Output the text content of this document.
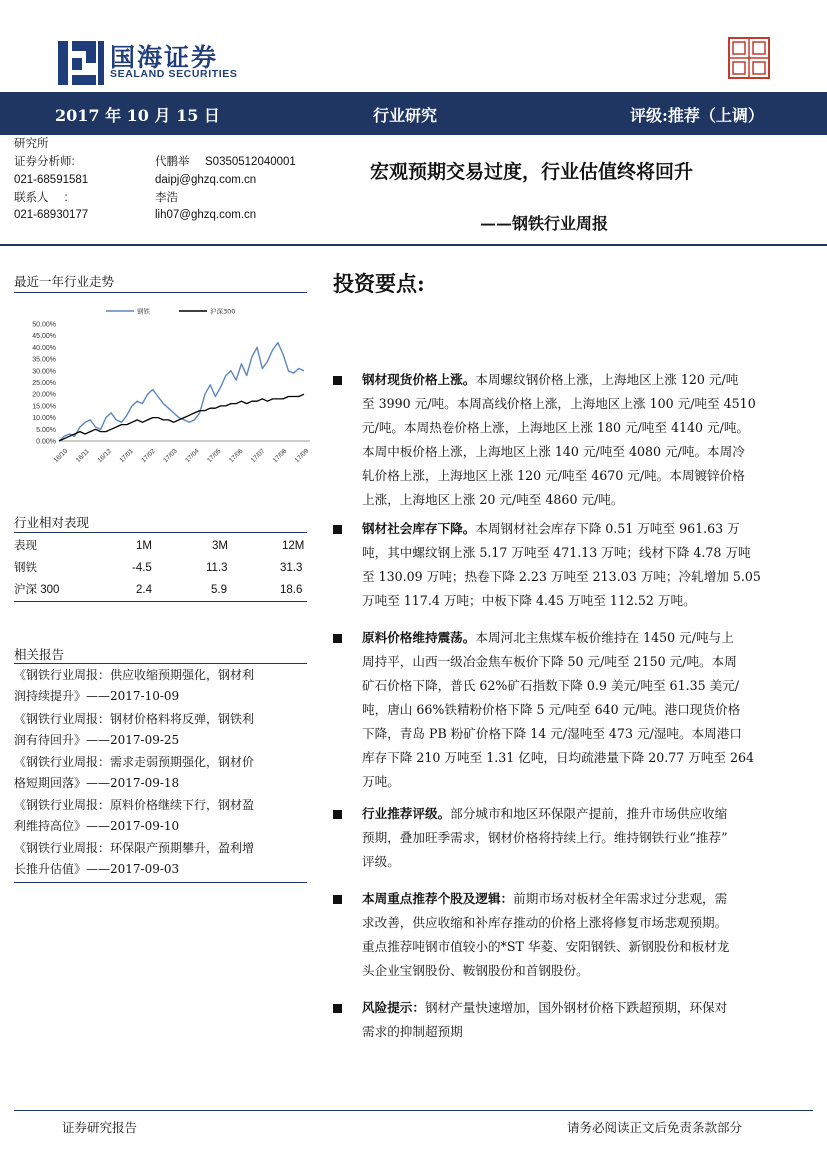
国海证券
SEALAND SECURITIES
2017 年 10 月 15 日	行业研究	评级:推荐（上调）
研究所
证券分析师:	代鹏举 S0350512040001
021-68591581	daipj@ghzq.com.cn
联系人     :	李浩
021-68930177	lih07@ghzq.com.cn
宏观预期交易过度，行业估值终将回升
——钢铁行业周报
最近一年行业走势
钢铁	沪深300
50.00%
45.00%
40.00%
35.00%
30.00%
25.00%
20.00%
15.00%
10.00%
5.00%
0.00%
16/10 16/11 16/12 17/01 17/02 17/03 17/04 17/05 17/06 17/07 17/08 17/09
行业相对表现
表现	1M	3M	12M
钢铁	-4.5	11.3	31.3
沪深 300	2.4	5.9	18.6
相关报告
《钢铁行业周报：供应收缩预期强化，钢材利
润持续提升》——2017-10-09
《钢铁行业周报：钢材价格料将反弹，钢铁利
润有待回升》——2017-09-25
《钢铁行业周报：需求走弱预期强化，钢材价
格短期回落》——2017-09-18
《钢铁行业周报：原料价格继续下行，钢材盈
利维持高位》——2017-09-10
《钢铁行业周报：环保限产预期攀升，盈利增
长推升估值》——2017-09-03
投资要点:
钢材现货价格上涨。本周螺纹钢价格上涨，上海地区上涨 120 元/吨
至 3990 元/吨。本周高线价格上涨，上海地区上涨 100 元/吨至 4510
元/吨。本周热卷价格上涨，上海地区上涨 180 元/吨至 4140 元/吨。
本周中板价格上涨，上海地区上涨 140 元/吨至 4080 元/吨。本周冷
轧价格上涨，上海地区上涨 120 元/吨至 4670 元/吨。本周镀锌价格
上涨，上海地区上涨 20 元/吨至 4860 元/吨。
钢材社会库存下降。本周钢材社会库存下降 0.51 万吨至 961.63 万
吨，其中螺纹钢上涨 5.17 万吨至 471.13 万吨；线材下降 4.78 万吨
至 130.09 万吨；热卷下降 2.23 万吨至 213.03 万吨；冷轧增加 5.05
万吨至 117.4 万吨；中板下降 4.45 万吨至 112.52 万吨。
原料价格维持震荡。本周河北主焦煤车板价维持在 1450 元/吨与上
周持平，山西一级冶金焦车板价下降 50 元/吨至 2150 元/吨。本周
矿石价格下降，普氏 62%矿石指数下降 0.9 美元/吨至 61.35 美元/
吨，唐山 66%铁精粉价格下降 5 元/吨至 640 元/吨。港口现货价格
下降，青岛 PB 粉矿价格下降 14 元/湿吨至 473 元/湿吨。本周港口
库存下降 210 万吨至 1.31 亿吨，日均疏港量下降 20.77 万吨至 264
万吨。
行业推荐评级。部分城市和地区环保限产提前，推升市场供应收缩
预期，叠加旺季需求，钢材价格将持续上行。维持钢铁行业“推荐”
评级。
本周重点推荐个股及逻辑：前期市场对板材全年需求过分悲观，需
求改善，供应收缩和补库存推动的价格上涨将修复市场悲观预期。
重点推荐吨钢市值较小的*ST 华菱、安阳钢铁、新钢股份和板材龙
头企业宝钢股份、鞍钢股份和首钢股份。
风险提示：钢材产量快速增加，国外钢材价格下跌超预期，环保对
需求的抑制超预期
证券研究报告	请务必阅读正文后免责条款部分
